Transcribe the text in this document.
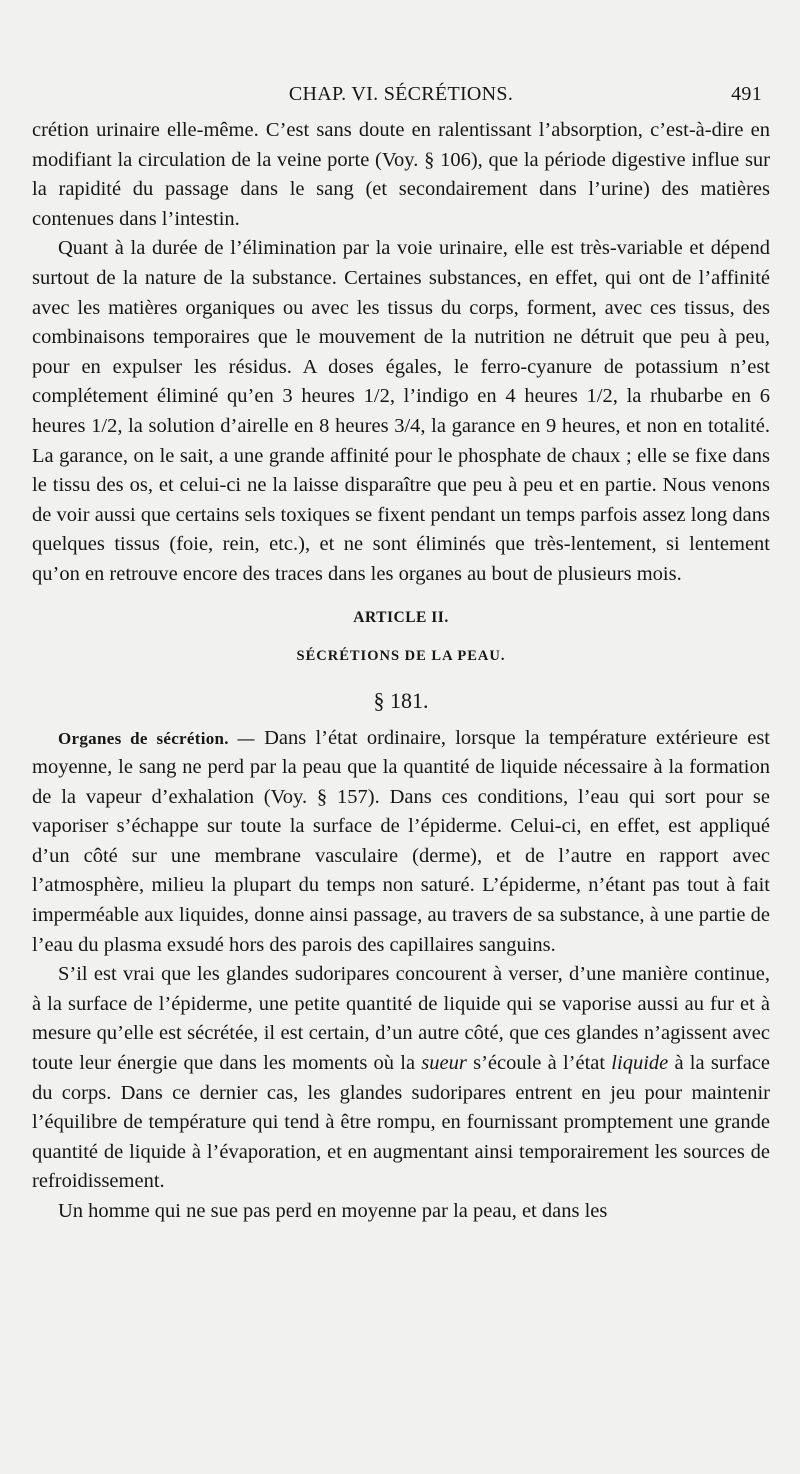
CHAP. VI. SÉCRÉTIONS.	491

crétion urinaire elle-même. C’est sans doute en ralentissant l’absorption, c’est-à-dire en modifiant la circulation de la veine porte (Voy. § 106), que la période digestive influe sur la rapidité du passage dans le sang (et secondairement dans l’urine) des matières contenues dans l’intestin.

Quant à la durée de l’élimination par la voie urinaire, elle est très-variable et dépend surtout de la nature de la substance. Certaines substances, en effet, qui ont de l’affinité avec les matières organiques ou avec les tissus du corps, forment, avec ces tissus, des combinaisons temporaires que le mouvement de la nutrition ne détruit que peu à peu, pour en expulser les résidus. A doses égales, le ferro-cyanure de potassium n’est complétement éliminé qu’en 3 heures 1/2, l’indigo en 4 heures 1/2, la rhubarbe en 6 heures 1/2, la solution d’airelle en 8 heures 3/4, la garance en 9 heures, et non en totalité. La garance, on le sait, a une grande affinité pour le phosphate de chaux ; elle se fixe dans le tissu des os, et celui-ci ne la laisse disparaître que peu à peu et en partie. Nous venons de voir aussi que certains sels toxiques se fixent pendant un temps parfois assez long dans quelques tissus (foie, rein, etc.), et ne sont éliminés que très-lentement, si lentement qu’on en retrouve encore des traces dans les organes au bout de plusieurs mois.

ARTICLE II.
SÉCRÉTIONS DE LA PEAU.
§ 181.

Organes de sécrétion. — Dans l’état ordinaire, lorsque la température extérieure est moyenne, le sang ne perd par la peau que la quantité de liquide nécessaire à la formation de la vapeur d’exhalation (Voy. § 157). Dans ces conditions, l’eau qui sort pour se vaporiser s’échappe sur toute la surface de l’épiderme. Celui-ci, en effet, est appliqué d’un côté sur une membrane vasculaire (derme), et de l’autre en rapport avec l’atmosphère, milieu la plupart du temps non saturé. L’épiderme, n’étant pas tout à fait imperméable aux liquides, donne ainsi passage, au travers de sa substance, à une partie de l’eau du plasma exsudé hors des parois des capillaires sanguins.

S’il est vrai que les glandes sudoripares concourent à verser, d’une manière continue, à la surface de l’épiderme, une petite quantité de liquide qui se vaporise aussi au fur et à mesure qu’elle est sécrétée, il est certain, d’un autre côté, que ces glandes n’agissent avec toute leur énergie que dans les moments où la sueur s’écoule à l’état liquide à la surface du corps. Dans ce dernier cas, les glandes sudoripares entrent en jeu pour maintenir l’équilibre de température qui tend à être rompu, en fournissant promptement une grande quantité de liquide à l’évaporation, et en augmentant ainsi temporairement les sources de refroidissement.

Un homme qui ne sue pas perd en moyenne par la peau, et dans les
